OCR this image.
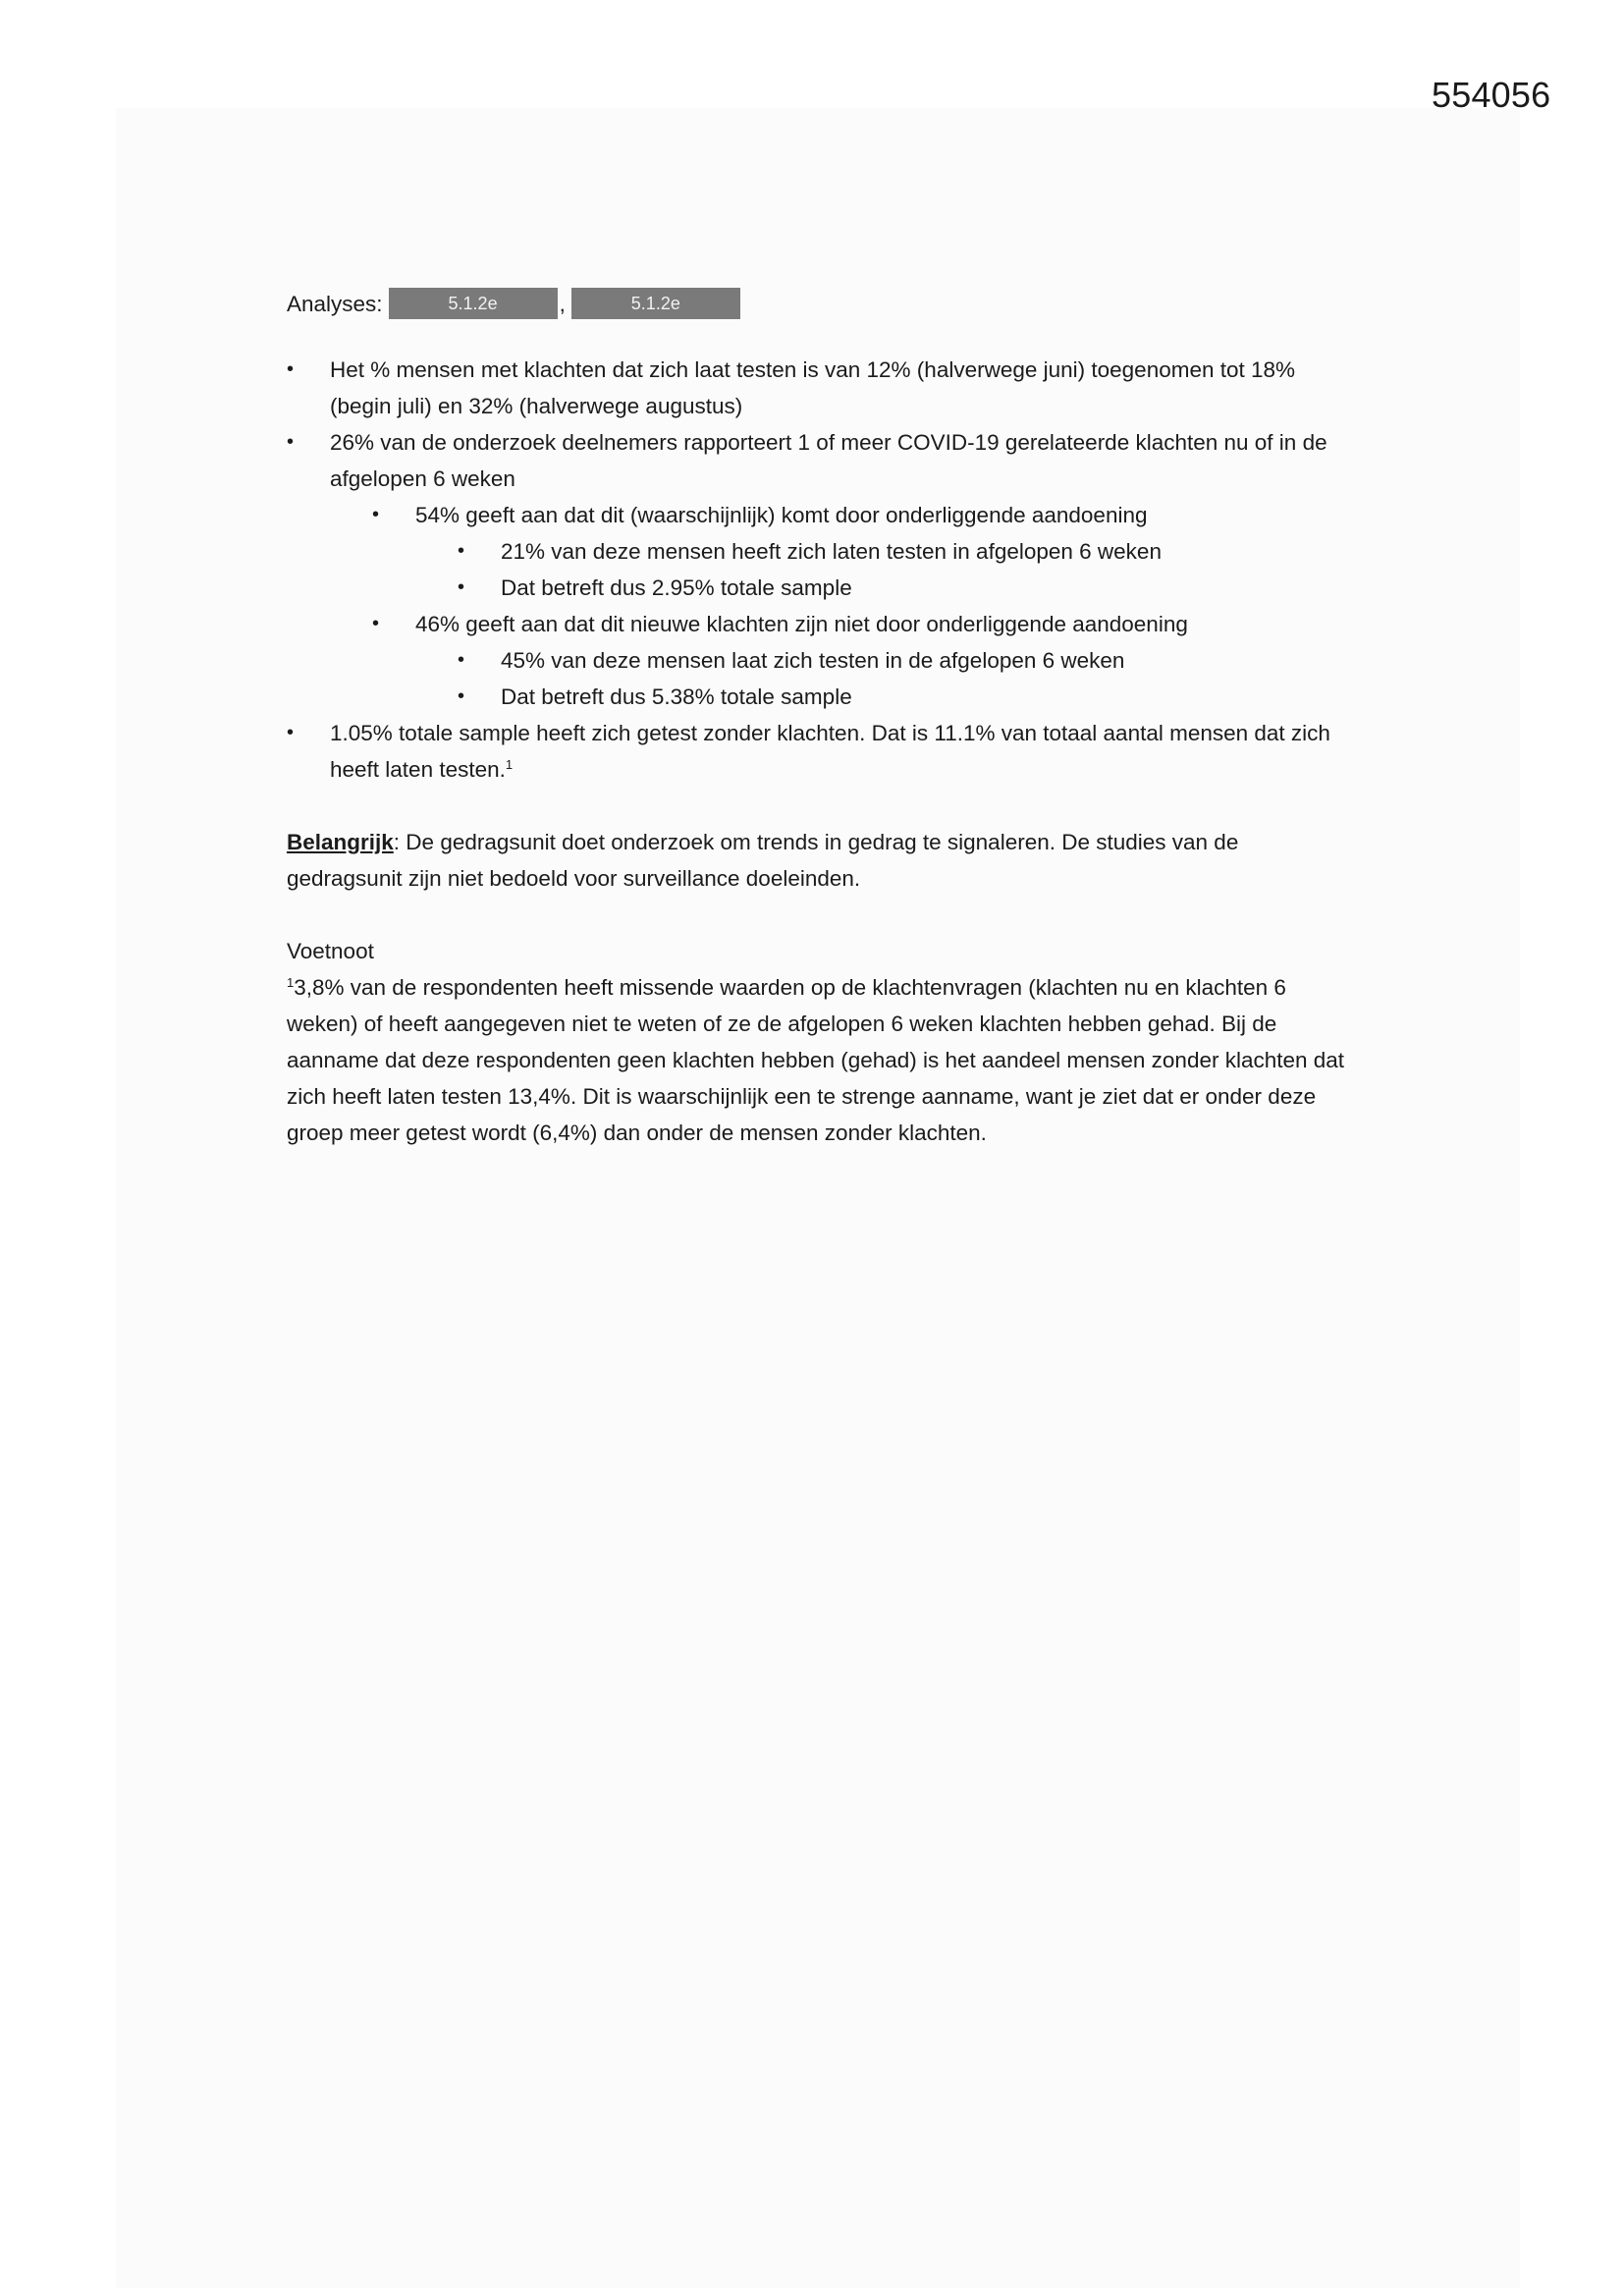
554056
Analyses:	5.1.2e	,	5.1.2e
• Het % mensen met klachten dat zich laat testen is van 12% (halverwege juni) toegenomen tot 18% (begin juli) en 32% (halverwege augustus)
• 26% van de onderzoek deelnemers rapporteert 1 of meer COVID-19 gerelateerde klachten nu of in de afgelopen 6 weken
• 54% geeft aan dat dit (waarschijnlijk) komt door onderliggende aandoening
• 21% van deze mensen heeft zich laten testen in afgelopen 6 weken
• Dat betreft dus 2.95% totale sample
• 46% geeft aan dat dit nieuwe klachten zijn niet door onderliggende aandoening
• 45% van deze mensen laat zich testen in de afgelopen 6 weken
• Dat betreft dus 5.38% totale sample
• 1.05% totale sample heeft zich getest zonder klachten. Dat is 11.1% van totaal aantal mensen dat zich heeft laten testen.$^1$
Belangrijk: De gedragsunit doet onderzoek om trends in gedrag te signaleren. De studies van de gedragsunit zijn niet bedoeld voor surveillance doeleinden.
Voetnoot
$^1$3,8% van de respondenten heeft missende waarden op de klachtenvragen (klachten nu en klachten 6 weken) of heeft aangegeven niet te weten of ze de afgelopen 6 weken klachten hebben gehad. Bij de aanname dat deze respondenten geen klachten hebben (gehad) is het aandeel mensen zonder klachten dat zich heeft laten testen 13,4%. Dit is waarschijnlijk een te strenge aanname, want je ziet dat er onder deze groep meer getest wordt (6,4%) dan onder de mensen zonder klachten.
